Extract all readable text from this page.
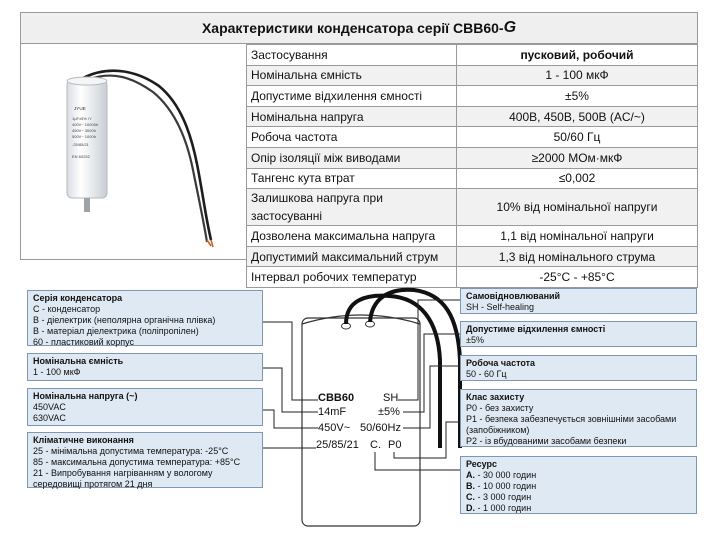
Характеристики конденсатора серії CBB60- G
JYUE
1μF±5% /Y
400V~ 10000h
450V~ 3000h
500V~ 1000h
-25/85/21
EN 60252
Застосування	пусковий, робочий
Номінальна ємність	1 - 100 мкФ
Допустиме відхилення ємності	±5%
Номінальна напруга	400В, 450В, 500В (AC/~)
Робоча частота	50/60 Гц
Опір ізоляції між виводами	≥2000 МОм·мкФ
Тангенс кута втрат	≤0,002
Залишкова напруга при застосуванні	10% від номінальної напруги
Дозволена максимальна напруга	1,1 від номінальної напруги
Допустимий максимальний струм	1,3 від номінального струма
Інтервал робочих температур	-25°C - +85°C
CBB60	SH
14mF	±5%
450V~ 50/60Hz
25/85/21 C. P0
Серія конденсатора
C - конденсатор
B - діелектрик (неполярна органічна плівка)
B - матеріал діелектрика (поліпропілен)
60 - пластиковий корпус
Номінальна ємність
1 - 100 мкФ
Номінальна напруга (~)
450VAC
630VAC
Кліматичне виконання
25 - мінімальна допустима температура: -25°C
85 - максимальна допустима температура: +85°C
21 - Випробування нагріванням у вологому
середовищі протягом 21 дня
Самовідновлюваний
SH - Self-healing
Допустиме відхилення ємності
±5%
Робоча частота
50 - 60 Гц
Клас захисту
P0 - без захисту
P1 - безпека забезпечується зовнішніми засобами
(запобіжником)
P2 - із вбудованими засобами безпеки
Ресурс
A. - 30 000 годин
B. - 10 000 годин
C. - 3 000 годин
D. - 1 000 годин
